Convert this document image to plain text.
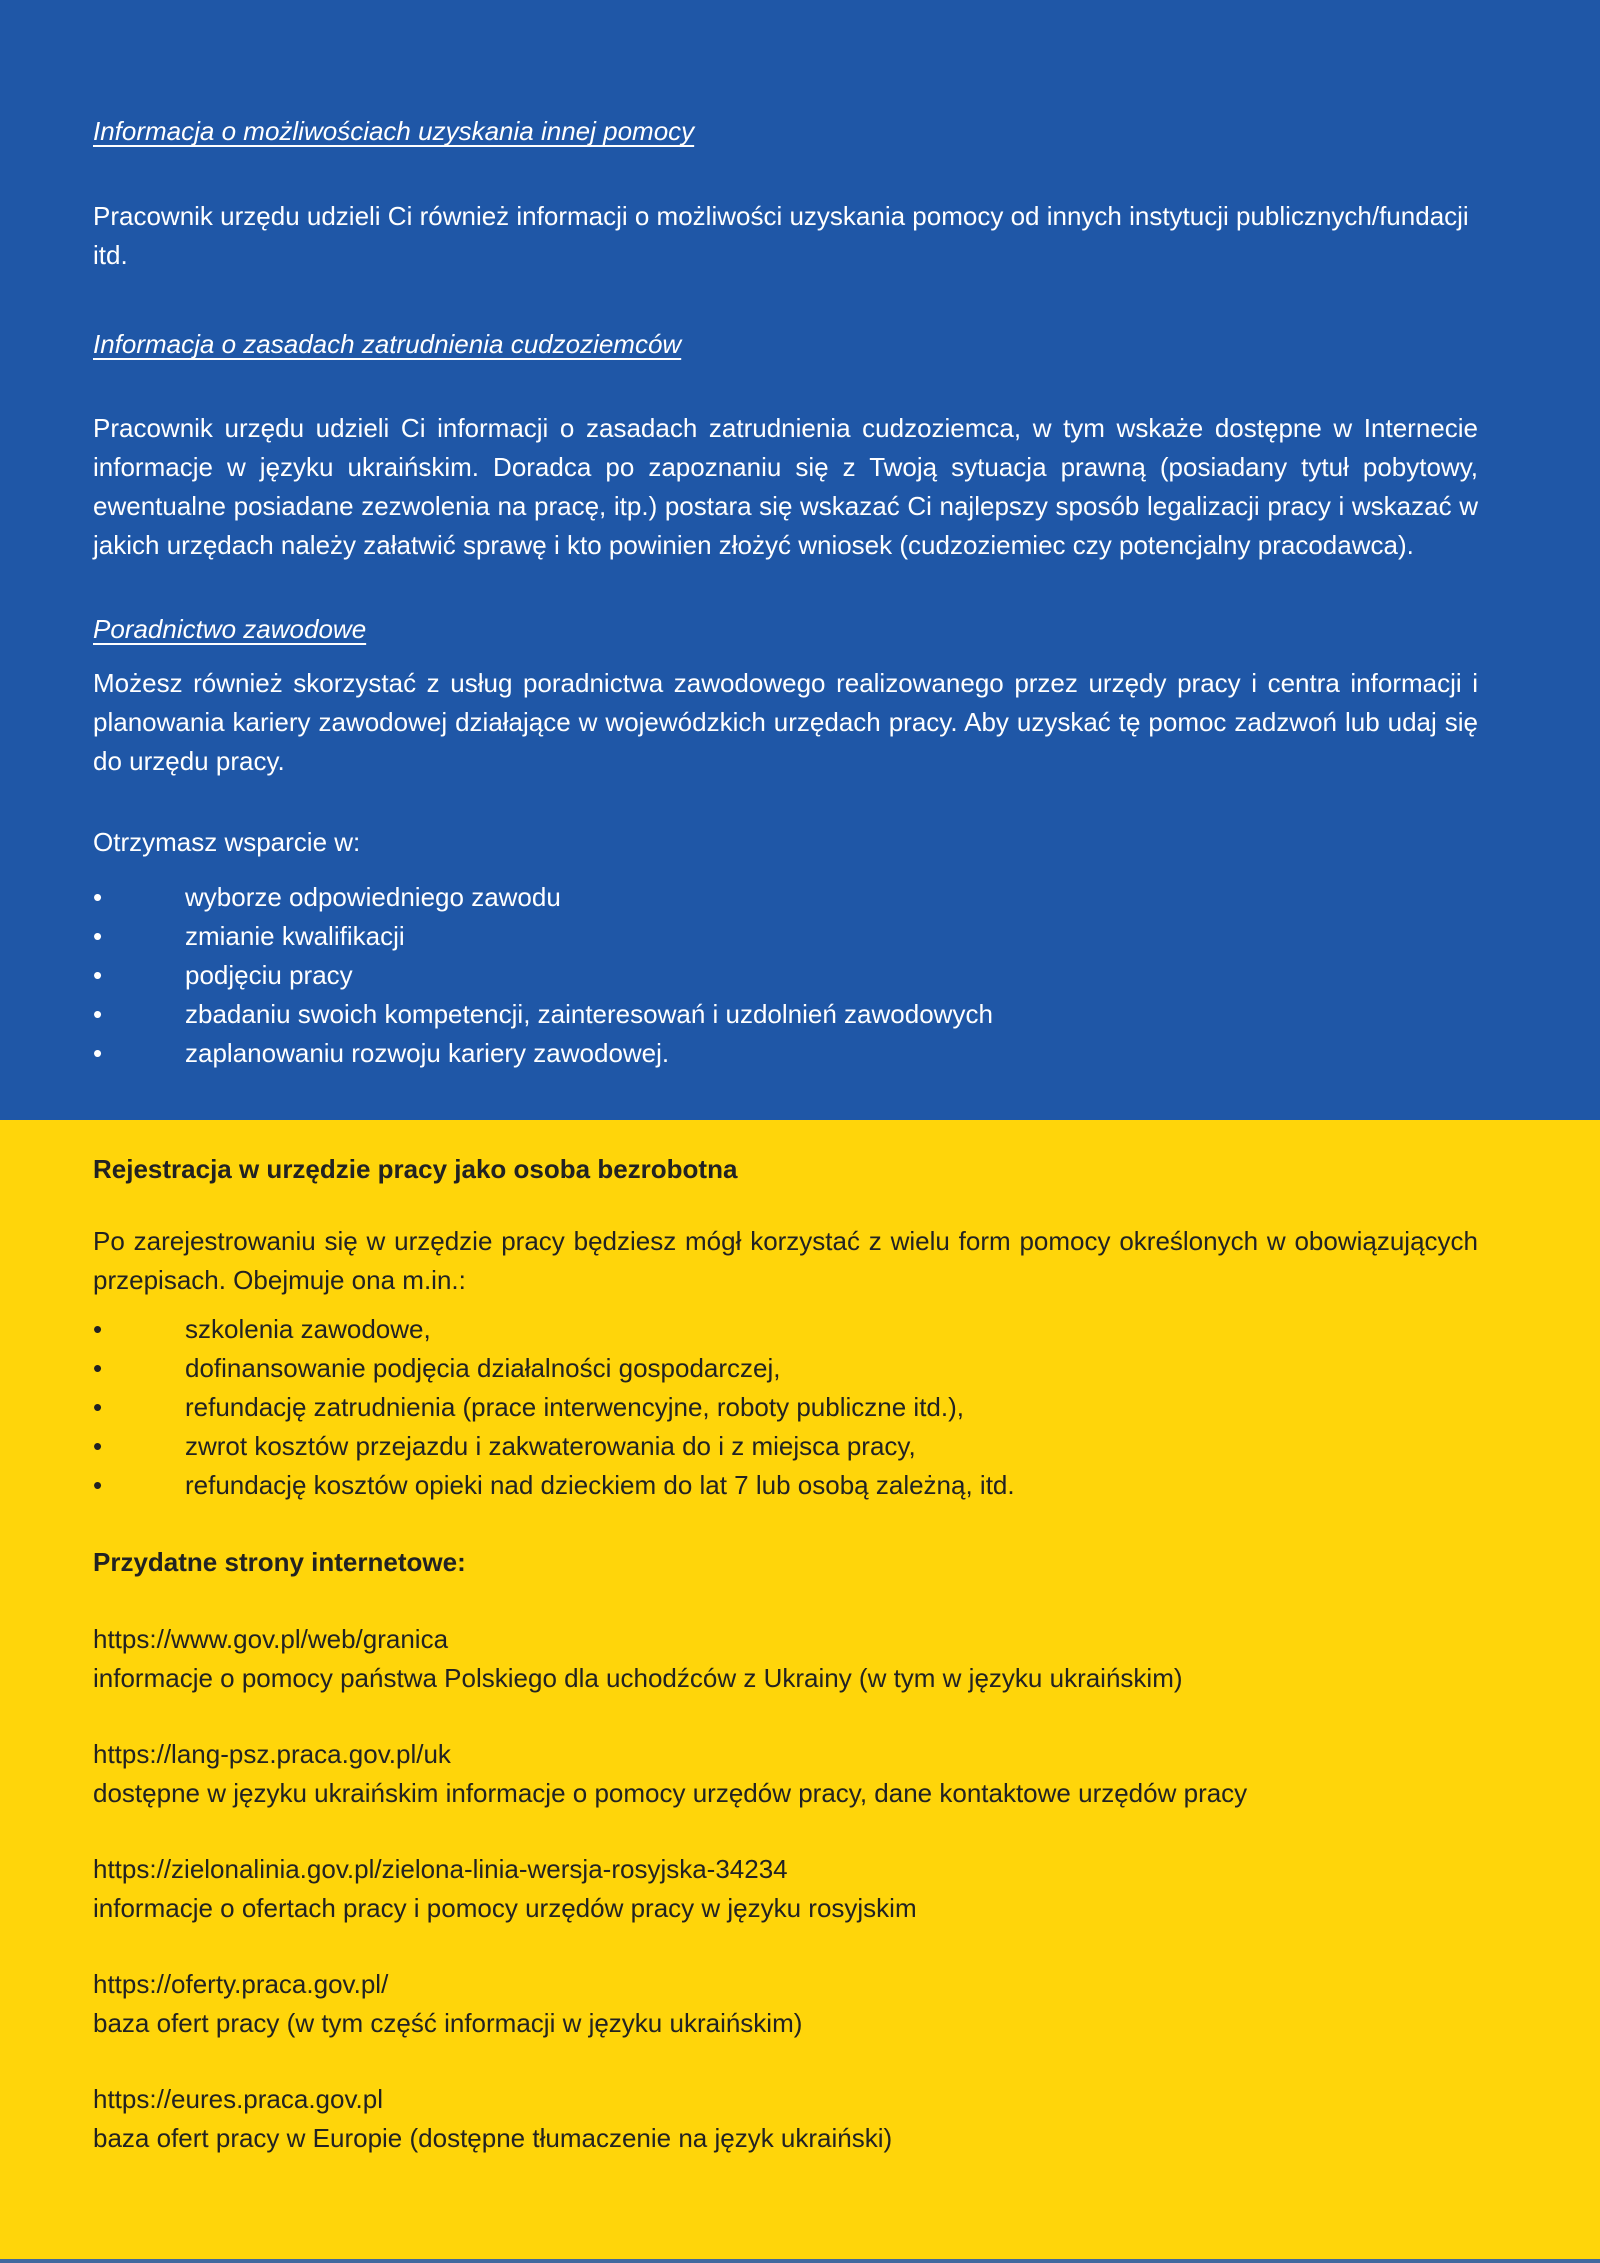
Informacja o możliwościach uzyskania innej pomocy

Pracownik urzędu udzieli Ci również informacji o możliwości uzyskania pomocy od innych instytucji publicznych/fundacji itd.

Informacja o zasadach zatrudnienia cudzoziemców

Pracownik urzędu udzieli Ci informacji o zasadach zatrudnienia cudzoziemca, w tym wskaże dostępne w Internecie informacje w języku ukraińskim. Doradca po zapoznaniu się z Twoją sytuacja prawną (posiadany tytuł pobytowy, ewentualne posiadane zezwolenia na pracę, itp.) postara się wskazać Ci najlepszy sposób legalizacji pracy i wskazać w jakich urzędach należy załatwić sprawę i kto powinien złożyć wniosek (cudzoziemiec czy potencjalny pracodawca).

Poradnictwo zawodowe

Możesz również skorzystać z usług poradnictwa zawodowego realizowanego przez urzędy pracy i centra informacji i planowania kariery zawodowej działające w wojewódzkich urzędach pracy. Aby uzyskać tę pomoc zadzwoń lub udaj się do urzędu pracy.

Otrzymasz wsparcie w:

•	wyborze odpowiedniego zawodu
•	zmianie kwalifikacji
•	podjęciu pracy
•	zbadaniu swoich kompetencji, zainteresowań i uzdolnień zawodowych
•	zaplanowaniu rozwoju kariery zawodowej.
Rejestracja w urzędzie pracy jako osoba bezrobotna

Po zarejestrowaniu się w urzędzie pracy będziesz mógł korzystać z wielu form pomocy określonych w obowiązujących przepisach. Obejmuje ona m.in.:

•	szkolenia zawodowe,
•	dofinansowanie podjęcia działalności gospodarczej,
•	refundację zatrudnienia (prace interwencyjne, roboty publiczne itd.),
•	zwrot kosztów przejazdu i zakwaterowania do i z miejsca pracy,
•	refundację kosztów opieki nad dzieckiem do lat 7 lub osobą zależną, itd.
Przydatne strony internetowe:
https://www.gov.pl/web/granica

informacje o pomocy państwa Polskiego dla uchodźców z Ukrainy (w tym w języku ukraińskim)

https://lang-psz.praca.gov.pl/uk

dostępne w języku ukraińskim informacje o pomocy urzędów pracy, dane kontaktowe urzędów pracy

https://zielonalinia.gov.pl/zielona-linia-wersja-rosyjska-34234

informacje o ofertach pracy i pomocy urzędów pracy w języku rosyjskim

https://oferty.praca.gov.pl/

baza ofert pracy (w tym część informacji w języku ukraińskim)

https://eures.praca.gov.pl

baza ofert pracy w Europie (dostępne tłumaczenie na język ukraiński)
